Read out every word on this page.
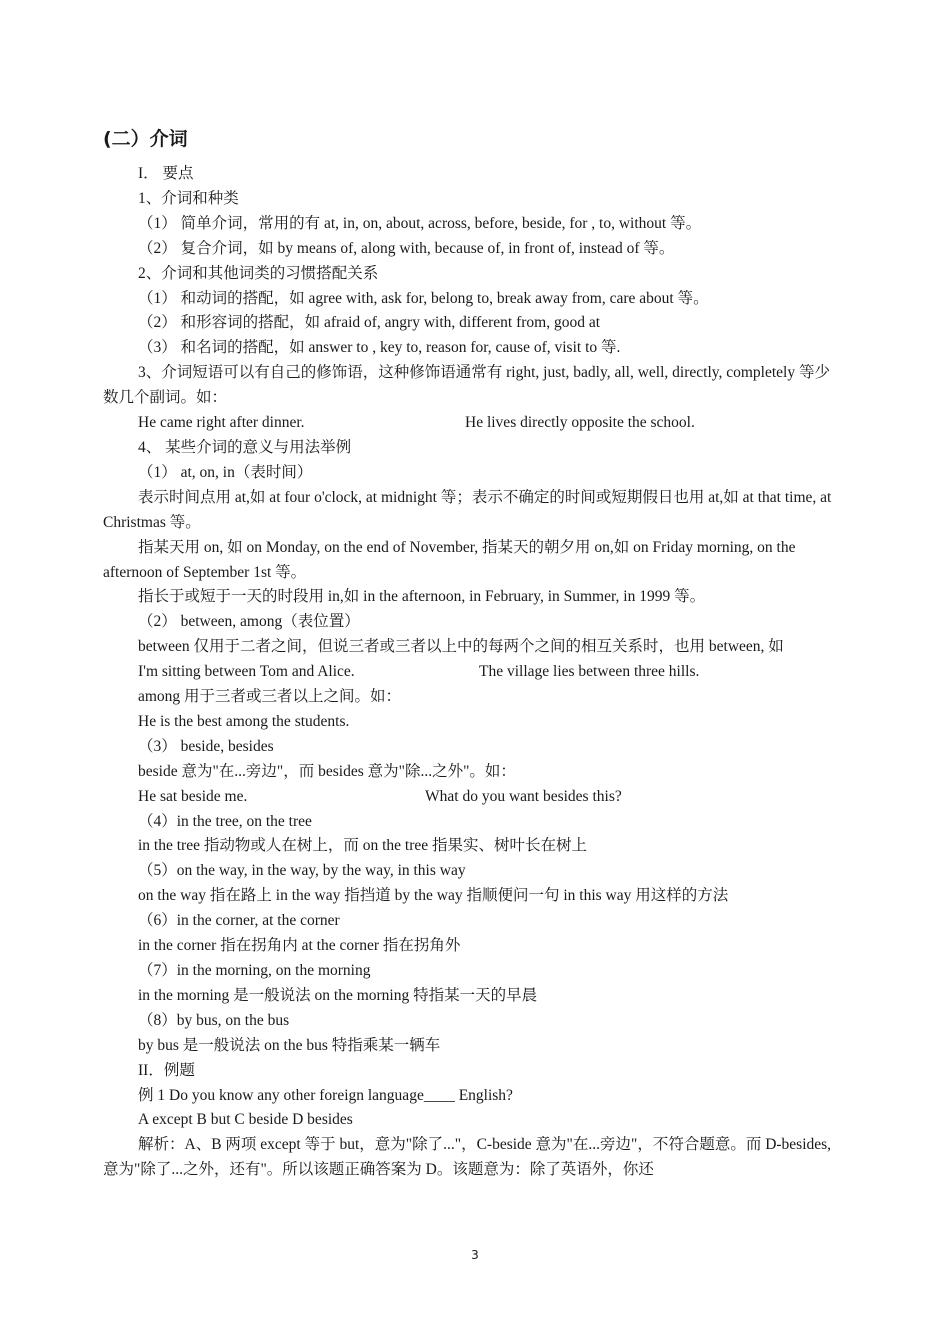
(二）介词
I． 要点
1、介词和种类
（1） 简单介词，常用的有 at, in, on, about, across, before, beside, for , to, without 等。
（2） 复合介词，如 by means of, along with, because of, in front of, instead of 等。
2、介词和其他词类的习惯搭配关系
（1） 和动词的搭配，如 agree with, ask for, belong to, break away from, care about 等。
（2） 和形容词的搭配，如 afraid of, angry with, different from, good at
（3） 和名词的搭配，如 answer to , key to, reason for, cause of, visit to 等.
3、介词短语可以有自己的修饰语，这种修饰语通常有 right, just, badly, all, well, directly, completely 等少数几个副词。如：
He came right after dinner.	He lives directly opposite the school.
4、 某些介词的意义与用法举例
（1） at, on, in（表时间）
表示时间点用 at,如 at four o'clock, at midnight 等；表示不确定的时间或短期假日也用 at,如 at that time, at Christmas 等。
指某天用 on, 如 on Monday, on the end of November, 指某天的朝夕用 on,如 on Friday morning, on the afternoon of September 1st 等。
指长于或短于一天的时段用 in,如 in the afternoon, in February, in Summer, in 1999 等。
（2） between, among（表位置）
between 仅用于二者之间，但说三者或三者以上中的每两个之间的相互关系时，也用 between, 如
I'm sitting between Tom and Alice.	The village lies between three hills.
among 用于三者或三者以上之间。如：
He is the best among the students.
（3） beside, besides
beside 意为"在...旁边"，而 besides 意为"除...之外"。如：
He sat beside me.	What do you want besides this?
（4）in the tree, on the tree
in the tree 指动物或人在树上，而 on the tree 指果实、树叶长在树上
（5）on the way, in the way, by the way, in this way
on the way 指在路上 in the way 指挡道 by the way 指顺便问一句 in this way 用这样的方法
（6）in the corner, at the corner
in the corner 指在拐角内 at the corner 指在拐角外
（7）in the morning, on the morning
in the morning 是一般说法 on the morning 特指某一天的早晨
（8）by bus, on the bus
by bus 是一般说法 on the bus 特指乘某一辆车
II．例题
例 1 Do you know any other foreign language____ English?
A except B but C beside D besides
解析：A、B 两项 except 等于 but，意为"除了..."，C-beside 意为"在...旁边"，不符合题意。而 D-besides, 意为"除了...之外，还有"。所以该题正确答案为 D。该题意为：除了英语外，你还
3
